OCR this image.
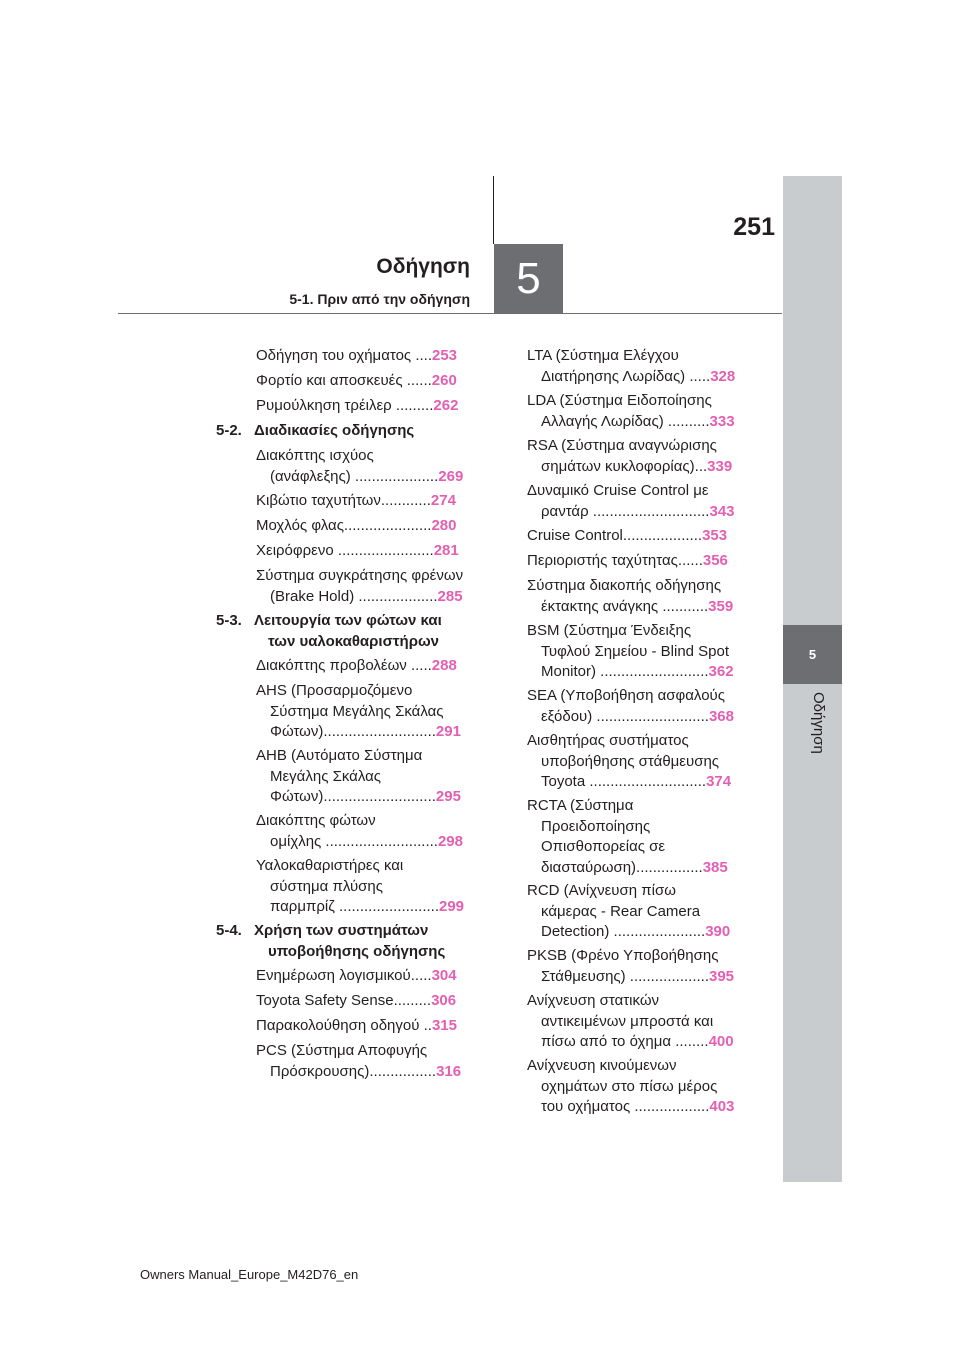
5
Οδήγηση
5
251
Οδήγηση
5-1. Πριν από την οδήγηση
Οδήγηση του οχήματος ....253
Φορτίο και αποσκευές ......260
Ρυμούλκηση τρέιλερ .........262
5-2. Διαδικασίες οδήγησης
Διακόπτης ισχύος
(ανάφλεξης) ....................269
Κιβώτιο ταχυτήτων............274
Μοχλός φλας.....................280
Χειρόφρενο .......................281
Σύστημα συγκράτησης φρένων
(Brake Hold) ...................285
5-3. Λειτουργία των φώτων και
των υαλοκαθαριστήρων
Διακόπτης προβολέων .....288
AHS (Προσαρμοζόμενο
Σύστημα Μεγάλης Σκάλας
Φώτων)...........................291
AHB (Αυτόματο Σύστημα
Μεγάλης Σκάλας
Φώτων)...........................295
Διακόπτης φώτων
ομίχλης ...........................298
Υαλοκαθαριστήρες και
σύστημα πλύσης
παρμπρίζ ........................299
5-4. Χρήση των συστημάτων
υποβοήθησης οδήγησης
Ενημέρωση λογισμικού.....304
Toyota Safety Sense.........306
Παρακολούθηση οδηγού ..315
PCS (Σύστημα Αποφυγής
Πρόσκρουσης)................316
LTA (Σύστημα Ελέγχου
Διατήρησης Λωρίδας) .....328
LDA (Σύστημα Ειδοποίησης
Αλλαγής Λωρίδας) ..........333
RSA (Σύστημα αναγνώρισης
σημάτων κυκλοφορίας)...339
Δυναμικό Cruise Control με
ραντάρ ............................343
Cruise Control...................353
Περιοριστής ταχύτητας......356
Σύστημα διακοπής οδήγησης
έκτακτης ανάγκης ...........359
BSM (Σύστημα Ένδειξης
Τυφλού Σημείου - Blind Spot
Monitor) ..........................362
SEA (Υποβοήθηση ασφαλούς
εξόδου) ...........................368
Αισθητήρας συστήματος
υποβοήθησης στάθμευσης
Toyota ............................374
RCTA (Σύστημα
Προειδοποίησης
Οπισθοπορείας σε
διασταύρωση)................385
RCD (Ανίχνευση πίσω
κάμερας - Rear Camera
Detection) ......................390
PKSB (Φρένο Υποβοήθησης
Στάθμευσης) ...................395
Ανίχνευση στατικών
αντικειμένων μπροστά και
πίσω από το όχημα ........400
Ανίχνευση κινούμενων
οχημάτων στο πίσω μέρος
του οχήματος ..................403
Owners Manual_Europe_M42D76_en
